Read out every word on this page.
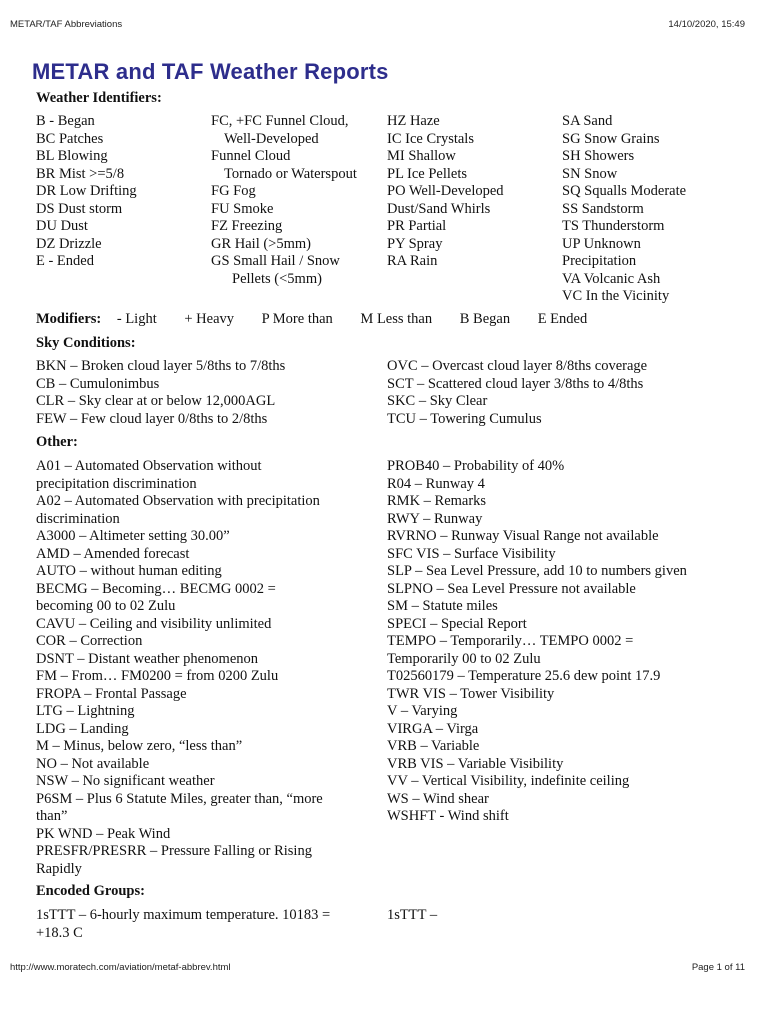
METAR/TAF Abbreviations	14/10/2020, 15:49
METAR and TAF Weather Reports
Weather Identifiers:
B - Began
BC Patches
BL Blowing
BR Mist >=5/8
DR Low Drifting
DS Dust storm
DU Dust
DZ Drizzle
E - Ended
FC, +FC Funnel Cloud,
Well-Developed
Funnel Cloud
Tornado or Waterspout
FG Fog
FU Smoke
FZ Freezing
GR Hail (>5mm)
GS Small Hail / Snow
Pellets (<5mm)
HZ Haze
IC Ice Crystals
MI Shallow
PL Ice Pellets
PO Well-Developed
Dust/Sand Whirls
PR Partial
PY Spray
RA Rain
SA Sand
SG Snow Grains
SH Showers
SN Snow
SQ Squalls Moderate
SS Sandstorm
TS Thunderstorm
UP Unknown
Precipitation
VA Volcanic Ash
VC In the Vicinity
Modifiers: - Light + Heavy P More than M Less than B Began E Ended
Sky Conditions:
BKN – Broken cloud layer 5/8ths to 7/8ths
CB – Cumulonimbus
CLR – Sky clear at or below 12,000AGL
FEW – Few cloud layer 0/8ths to 2/8ths
OVC – Overcast cloud layer 8/8ths coverage
SCT – Scattered cloud layer 3/8ths to 4/8ths
SKC – Sky Clear
TCU – Towering Cumulus
Other:
A01 – Automated Observation without
precipitation discrimination
A02 – Automated Observation with precipitation
discrimination
A3000 – Altimeter setting 30.00”
AMD – Amended forecast
AUTO – without human editing
BECMG – Becoming… BECMG 0002 =
becoming 00 to 02 Zulu
CAVU – Ceiling and visibility unlimited
COR – Correction
DSNT – Distant weather phenomenon
FM – From… FM0200 = from 0200 Zulu
FROPA – Frontal Passage
LTG – Lightning
LDG – Landing
M – Minus, below zero, “less than”
NO – Not available
NSW – No significant weather
P6SM – Plus 6 Statute Miles, greater than, “more
than”
PK WND – Peak Wind
PRESFR/PRESRR – Pressure Falling or Rising
Rapidly
PROB40 – Probability of 40%
R04 – Runway 4
RMK – Remarks
RWY – Runway
RVRNO – Runway Visual Range not available
SFC VIS – Surface Visibility
SLP – Sea Level Pressure, add 10 to numbers given
SLPNO – Sea Level Pressure not available
SM – Statute miles
SPECI – Special Report
TEMPO – Temporarily… TEMPO 0002 =
Temporarily 00 to 02 Zulu
T02560179 – Temperature 25.6 dew point 17.9
TWR VIS – Tower Visibility
V – Varying
VIRGA – Virga
VRB – Variable
VRB VIS – Variable Visibility
VV – Vertical Visibility, indefinite ceiling
WS – Wind shear
WSHFT - Wind shift
Encoded Groups:
1sTTT – 6-hourly maximum temperature. 10183 =
+18.3 C
1sTTT –
http://www.moratech.com/aviation/metaf-abbrev.html	Page 1 of 11
